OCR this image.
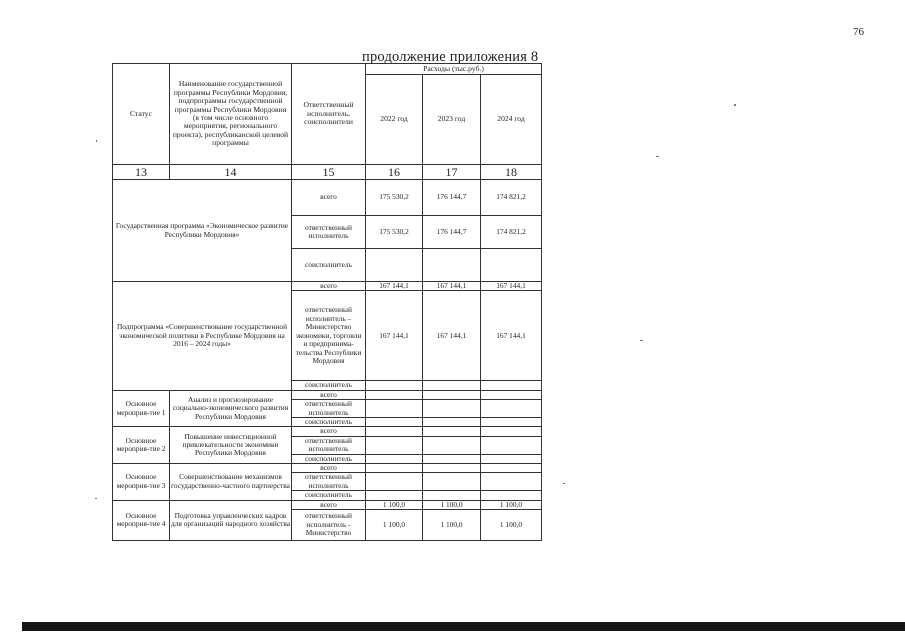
76
продолжение приложения 8
Статус	Наименование государственной программы Республики Мордовия, подпрограммы государственной программы Республики Мордовия (в том числе основного мероприятия, регионального проекта), республиканской целевой программы	Ответственный исполнитель, соисполнители	Расходы (тыс.руб.)		
			2022 год	2023 год	2024 год
13	14	15	16	17	18
Государственная программа «Экономическое развитие Республики Мордовия»		всего	175 530,2	176 144,7	174 821,2
		ответственный исполнитель	175 530,2	176 144,7	174 821,2
		соисполнитель			
Подпрограмма «Совершенствование государственной экономической политики в Республике Мордовия на 2016 – 2024 годы»		всего	167 144,1	167 144,1	167 144,1
		ответственный исполнитель – Министерство экономики, торговли и предпринима-тельства Республики Мордовия	167 144,1	167 144,1	167 144,1
		соисполнитель			
Основное мероприя-тие 1	Анализ и прогнозирование социально-экономического развития Республики Мордовия	всего			
		ответственный исполнитель			
		соисполнитель			
Основное мероприя-тие 2	Повышение инвестиционной привлекательности экономики Республики Мордовия	всего			
		ответственный исполнитель			
		соисполнитель			
Основное мероприя-тие 3	Совершенствование механизмов государственно-частного партнерства	всего			
		ответственный исполнитель			
		соисполнитель			
Основное мероприя-тие 4	Подготовка управленческих кадров для организаций народного хозяйства	всего	1 100,0	1 100,0	1 100,0
		ответственный исполнитель - Министерство	1 100,0	1 100,0	1 100,0
